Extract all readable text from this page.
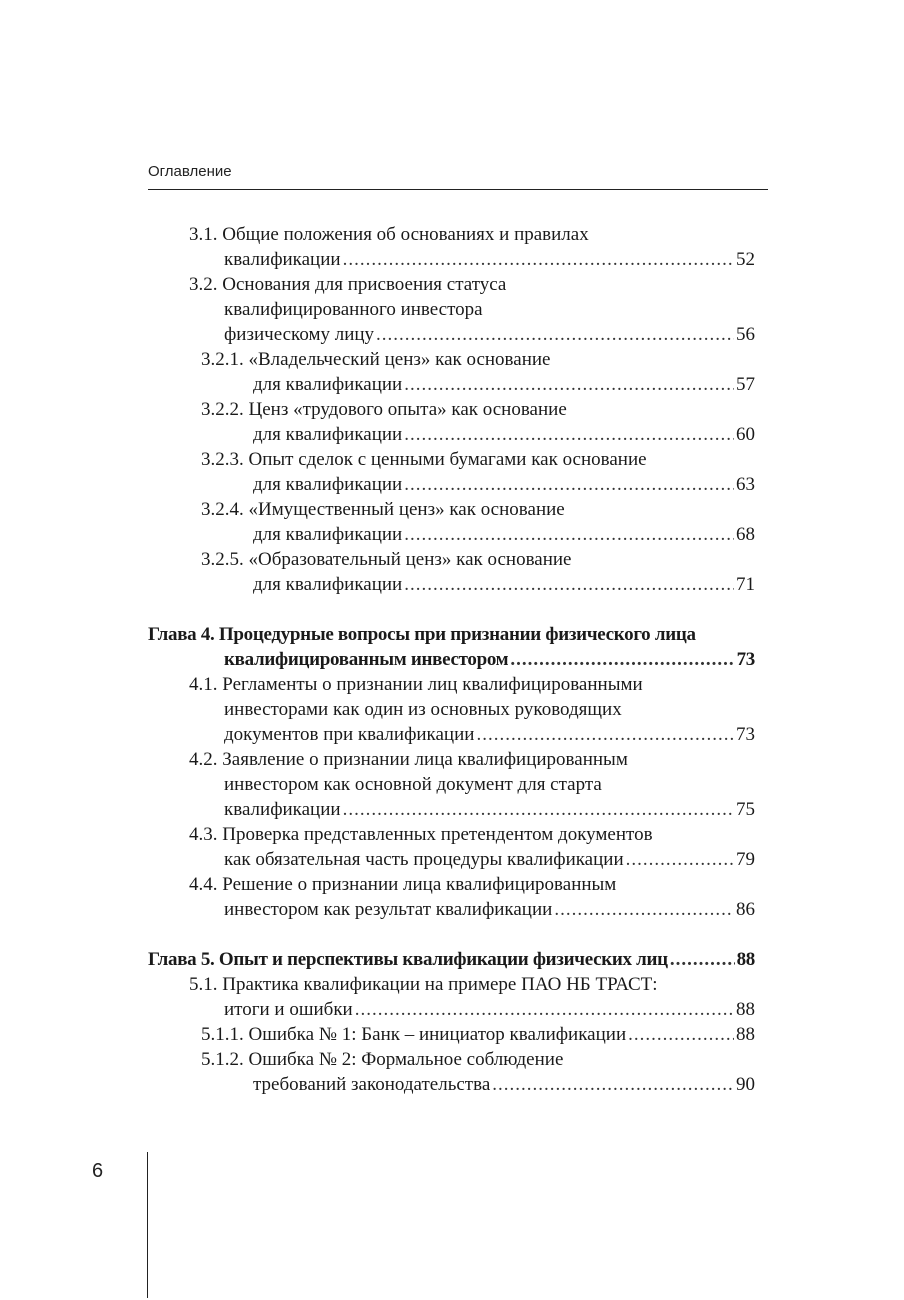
Оглавление
3.1. Общие положения об основаниях и правилах
квалификации .....	52
3.2. Основания для присвоения статуса
квалифицированного инвестора
физическому лицу .....	56
3.2.1. «Владельческий ценз» как основание
для квалификации .....	57
3.2.2. Ценз «трудового опыта» как основание
для квалификации .....	60
3.2.3. Опыт сделок с ценными бумагами как основание
для квалификации .....	63
3.2.4. «Имущественный ценз» как основание
для квалификации .....	68
3.2.5. «Образовательный ценз» как основание
для квалификации .....	71
Глава 4. Процедурные вопросы при признании физического лица
квалифицированным инвестором .....	73
4.1. Регламенты о признании лиц квалифицированными
инвесторами как один из основных руководящих
документов при квалификации .....	73
4.2. Заявление о признании лица квалифицированным
инвестором как основной документ для старта
квалификации .....	75
4.3. Проверка представленных претендентом документов
как обязательная часть процедуры квалификации .....	79
4.4. Решение о признании лица квалифицированным
инвестором как результат квалификации .....	86
Глава 5. Опыт и перспективы квалификации физических лиц .....	88
5.1. Практика квалификации на примере ПАО НБ ТРАСТ:
итоги и ошибки .....	88
5.1.1. Ошибка № 1: Банк – инициатор квалификации .....	88
5.1.2. Ошибка № 2: Формальное соблюдение
требований законодательства .....	90
6
